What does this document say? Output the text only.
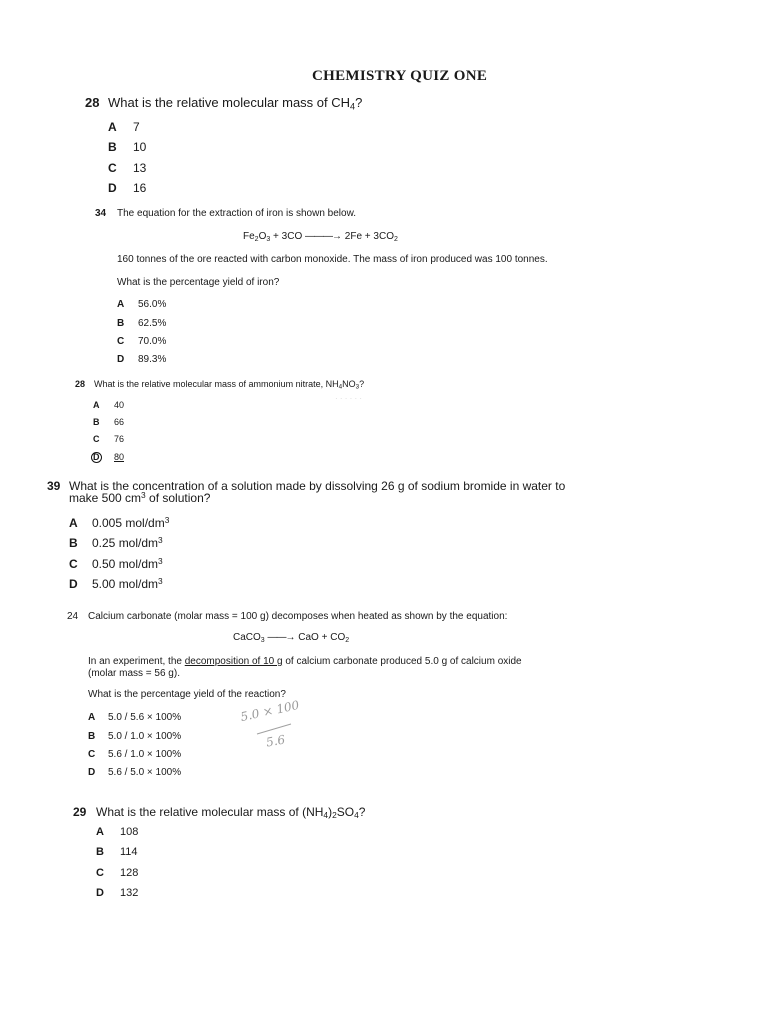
CHEMISTRY QUIZ ONE
28 What is the relative molecular mass of $CH_4$?
A 7
B 10
C 13
D 16
34 The equation for the extraction of iron is shown below.
$Fe_2O_3 + 3CO$ ———→ $2Fe + 3CO_2$
160 tonnes of the ore reacted with carbon monoxide. The mass of iron produced was 100 tonnes.
What is the percentage yield of iron?
A 56.0%
B 62.5%
C 70.0%
D 89.3%
28 What is the relative molecular mass of ammonium nitrate, $NH_4NO_3$?
· · · · · ·
A 40
B 66
C 76
D 80
39 What is the concentration of a solution made by dissolving 26 g of sodium bromide in water to
make 500 $cm^3$ of solution?
A 0.005 mol/$dm^3$
B 0.25 mol/$dm^3$
C 0.50 mol/$dm^3$
D 5.00 mol/$dm^3$
24 Calcium carbonate (molar mass = 100 g) decomposes when heated as shown by the equation:
CaCO$_3$ ——→ CaO + $CO_2$
In an experiment, the decomposition of 10 g of calcium carbonate produced 5.0 g of calcium oxide
(molar mass = 56 g).
What is the percentage yield of the reaction?
A 5.0 / 5.6 × 100%
B 5.0 / 1.0 × 100%
C 5.6 / 1.0 × 100%
D 5.6 / 5.0 × 100%
5.0 × 100
5.6
29 What is the relative molecular mass of $(NH_4)_2SO_4$?
A 108
B 114
C 128
D 132
